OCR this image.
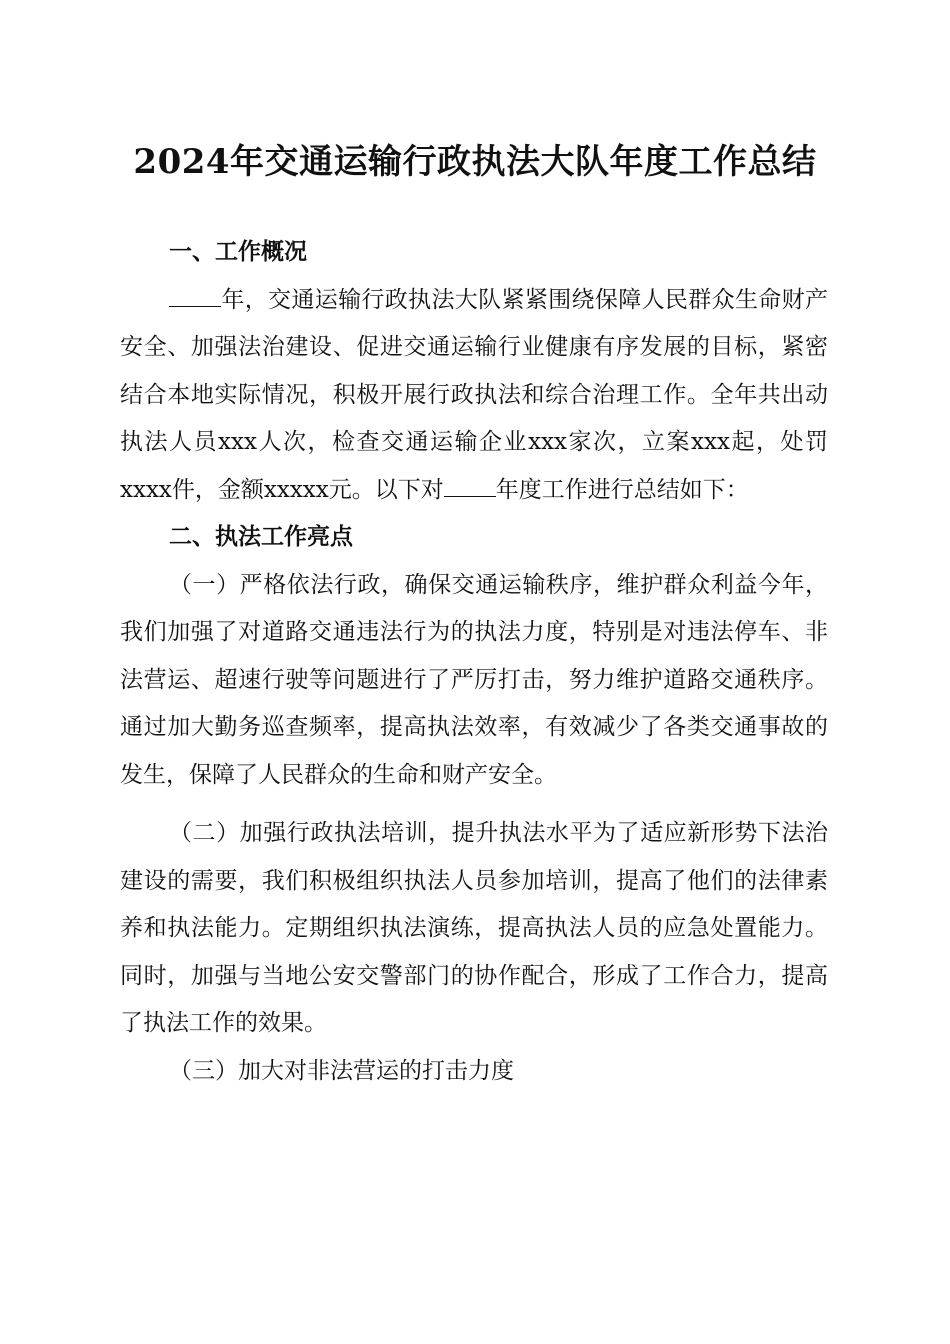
2024年交通运输行政执法大队年度工作总结

一、工作概况

年，交通运输行政执法大队紧紧围绕保障人民群众生命财产安全、加强法治建设、促进交通运输行业健康有序发展的目标，紧密结合本地实际情况，积极开展行政执法和综合治理工作。全年共出动执法人员xxx人次，检查交通运输企业xxx家次，立案xxx起，处罚xxxx件，金额xxxxx元。以下对 年度工作进行总结如下：

二、执法工作亮点

（一）严格依法行政，确保交通运输秩序，维护群众利益今年，我们加强了对道路交通违法行为的执法力度，特别是对违法停车、非法营运、超速行驶等问题进行了严厉打击，努力维护道路交通秩序。通过加大勤务巡查频率，提高执法效率，有效减少了各类交通事故的发生，保障了人民群众的生命和财产安全。

（二）加强行政执法培训，提升执法水平为了适应新形势下法治建设的需要，我们积极组织执法人员参加培训，提高了他们的法律素养和执法能力。定期组织执法演练，提高执法人员的应急处置能力。同时，加强与当地公安交警部门的协作配合，形成了工作合力，提高了执法工作的效果。

（三）加大对非法营运的打击力度
